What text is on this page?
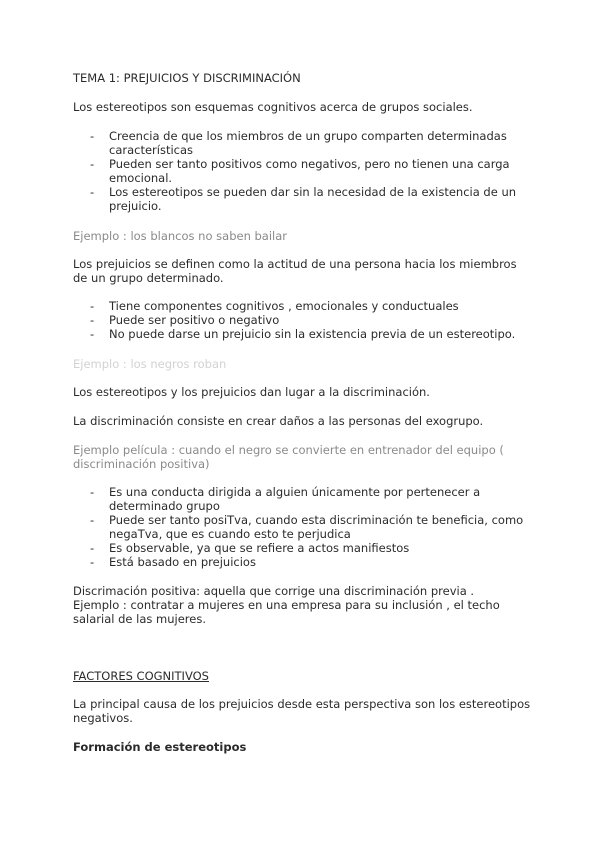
TEMA 1: PREJUICIOS Y DISCRIMINACIÓN

Los estereotipos son esquemas cognitivos acerca de grupos sociales.

- Creencia de que los miembros de un grupo comparten determinadas características
- Pueden ser tanto positivos como negativos, pero no tienen una carga emocional.
- Los estereotipos se pueden dar sin la necesidad de la existencia de un prejuicio.

Ejemplo : los blancos no saben bailar

Los prejuicios se definen como la actitud de una persona hacia los miembros de un grupo determinado.

- Tiene componentes cognitivos , emocionales y conductuales
- Puede ser positivo o negativo
- No puede darse un prejuicio sin la existencia previa de un estereotipo.

Ejemplo : los negros roban

Los estereotipos y los prejuicios dan lugar a la discriminación.

La discriminación consiste en crear daños a las personas del exogrupo.

Ejemplo película : cuando el negro se convierte en entrenador del equipo ( discriminación positiva)

- Es una conducta dirigida a alguien únicamente por pertenecer a determinado grupo
- Puede ser tanto posiTva, cuando esta discriminación te beneficia, como negaTva, que es cuando esto te perjudica
- Es observable, ya que se refiere a actos manifiestos
- Está basado en prejuicios
Discrimación positiva: aquella que corrige una discriminación previa .
Ejemplo : contratar a mujeres en una empresa para su inclusión , el techo salarial de las mujeres.

FACTORES COGNITIVOS

La principal causa de los prejuicios desde esta perspectiva son los estereotipos negativos.

Formación de estereotipos
